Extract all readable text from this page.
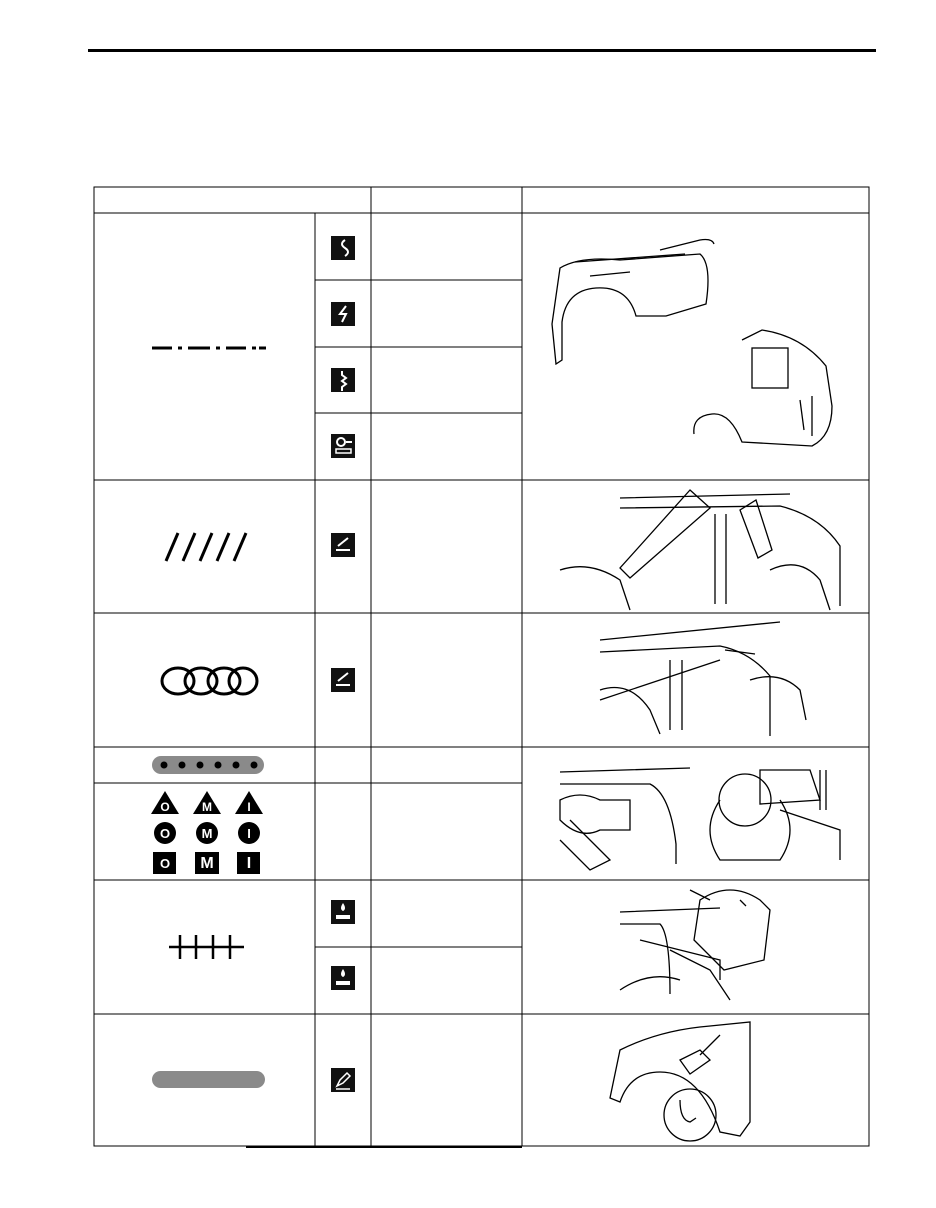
O	M	I
O M	I
O M I
